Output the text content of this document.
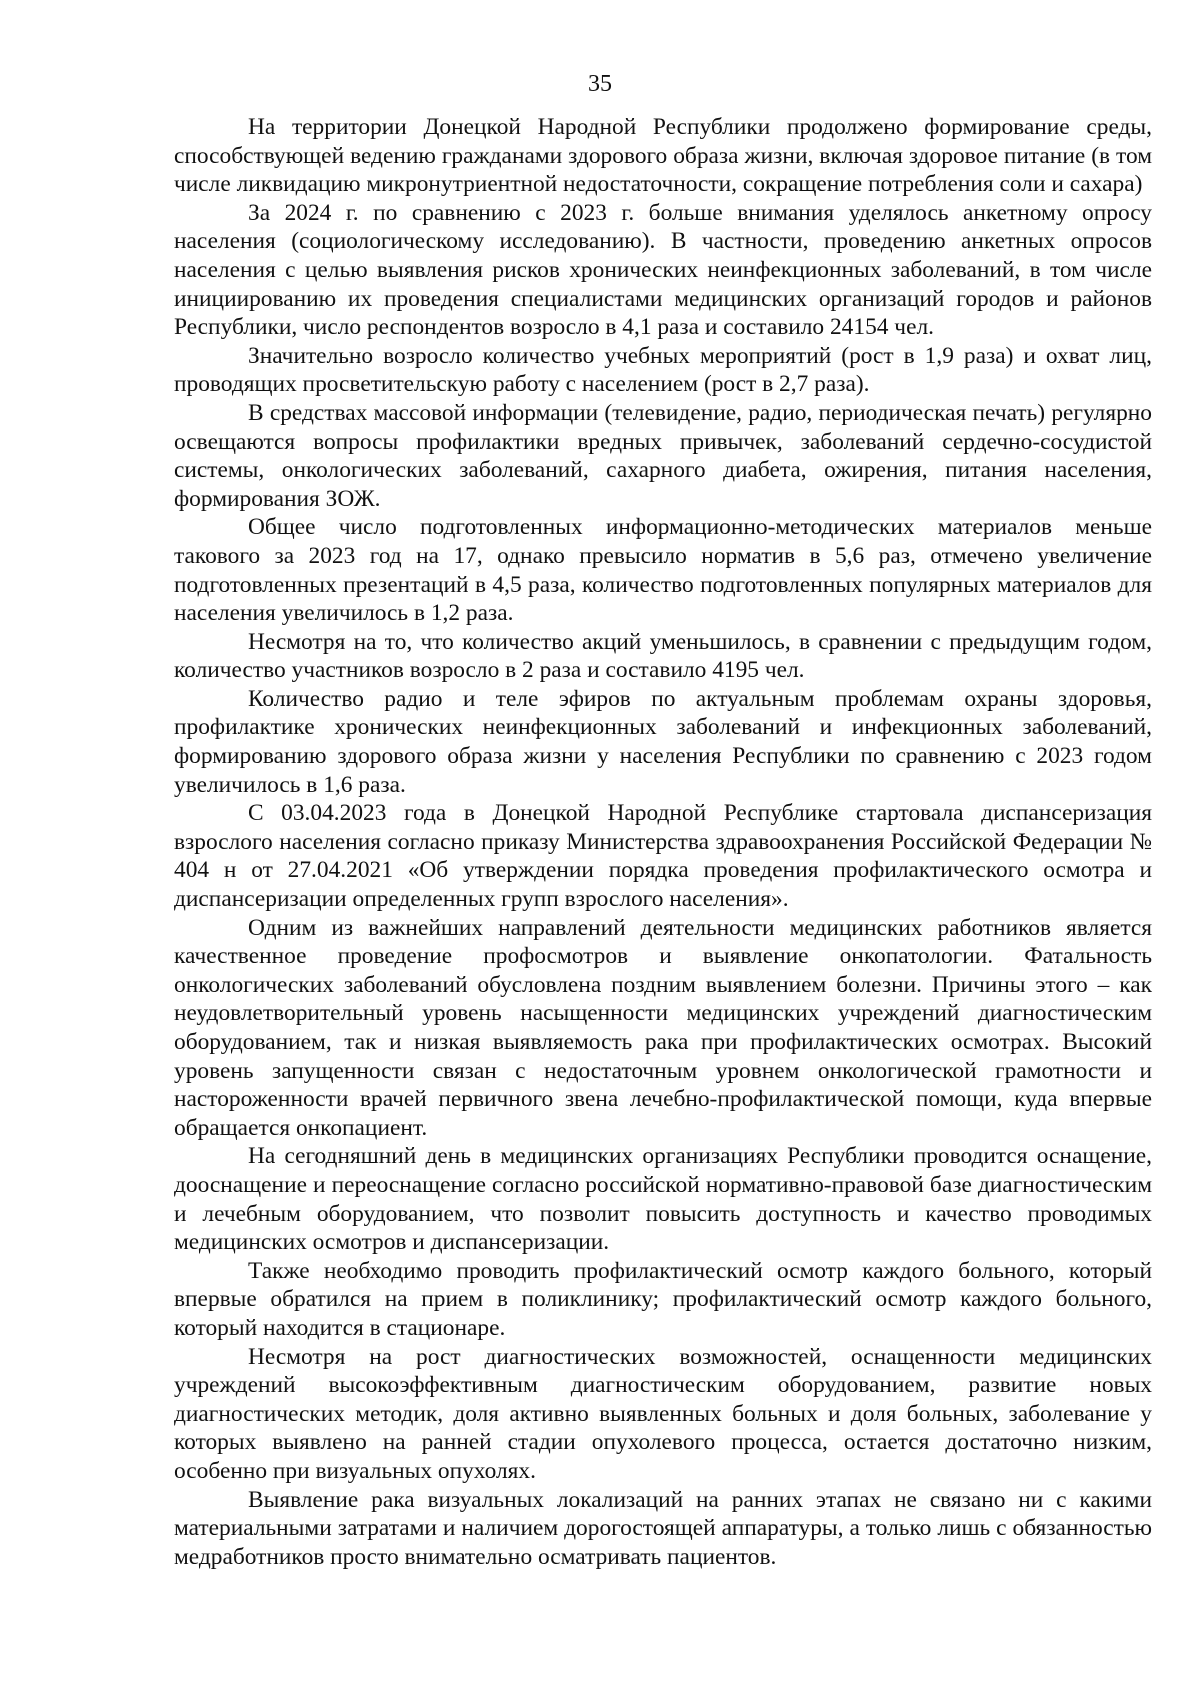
35

На территории Донецкой Народной Республики продолжено формирование среды, способствующей ведению гражданами здорового образа жизни, включая здоровое питание (в том числе ликвидацию микронутриентной недостаточности, сокращение потребления соли и сахара)

За 2024 г. по сравнению с 2023 г. больше внимания уделялось анкетному опросу населения (социологическому исследованию). В частности, проведению анкетных опросов населения с целью выявления рисков хронических неинфекционных заболеваний, в том числе инициированию их проведения специалистами медицинских организаций городов и районов Республики, число респондентов возросло в 4,1 раза и составило 24154 чел.

Значительно возросло количество учебных мероприятий (рост в 1,9 раза) и охват лиц, проводящих просветительскую работу с населением (рост в 2,7 раза).

В средствах массовой информации (телевидение, радио, периодическая печать) регулярно освещаются вопросы профилактики вредных привычек, заболеваний сердечно-сосудистой системы, онкологических заболеваний, сахарного диабета, ожирения, питания населения, формирования ЗОЖ.

Общее число подготовленных информационно-методических материалов меньше такового за 2023 год на 17, однако превысило норматив в 5,6 раз, отмечено увеличение подготовленных презентаций в 4,5 раза, количество подготовленных популярных материалов для населения увеличилось в 1,2 раза.

Несмотря на то, что количество акций уменьшилось, в сравнении с предыдущим годом, количество участников возросло в 2 раза и составило 4195 чел.

Количество радио и теле эфиров по актуальным проблемам охраны здоровья, профилактике хронических неинфекционных заболеваний и инфекционных заболеваний, формированию здорового образа жизни у населения Республики по сравнению с 2023 годом увеличилось в 1,6 раза.

С 03.04.2023 года в Донецкой Народной Республике стартовала диспансеризация взрослого населения согласно приказу Министерства здравоохранения Российской Федерации № 404 н от 27.04.2021 «Об утверждении порядка проведения профилактического осмотра и диспансеризации определенных групп взрослого населения».

Одним из важнейших направлений деятельности медицинских работников является качественное проведение профосмотров и выявление онкопатологии. Фатальность онкологических заболеваний обусловлена поздним выявлением болезни. Причины этого – как неудовлетворительный уровень насыщенности медицинских учреждений диагностическим оборудованием, так и низкая выявляемость рака при профилактических осмотрах. Высокий уровень запущенности связан с недостаточным уровнем онкологической грамотности и настороженности врачей первичного звена лечебно-профилактической помощи, куда впервые обращается онкопациент.

На сегодняшний день в медицинских организациях Республики проводится оснащение, дооснащение и переоснащение согласно российской нормативно-правовой базе диагностическим и лечебным оборудованием, что позволит повысить доступность и качество проводимых медицинских осмотров и диспансеризации.

Также необходимо проводить профилактический осмотр каждого больного, который впервые обратился на прием в поликлинику; профилактический осмотр каждого больного, который находится в стационаре.

Несмотря на рост диагностических возможностей, оснащенности медицинских учреждений высокоэффективным диагностическим оборудованием, развитие новых диагностических методик, доля активно выявленных больных и доля больных, заболевание у которых выявлено на ранней стадии опухолевого процесса, остается достаточно низким, особенно при визуальных опухолях.

Выявление рака визуальных локализаций на ранних этапах не связано ни с какими материальными затратами и наличием дорогостоящей аппаратуры, а только лишь с обязанностью медработников просто внимательно осматривать пациентов.
